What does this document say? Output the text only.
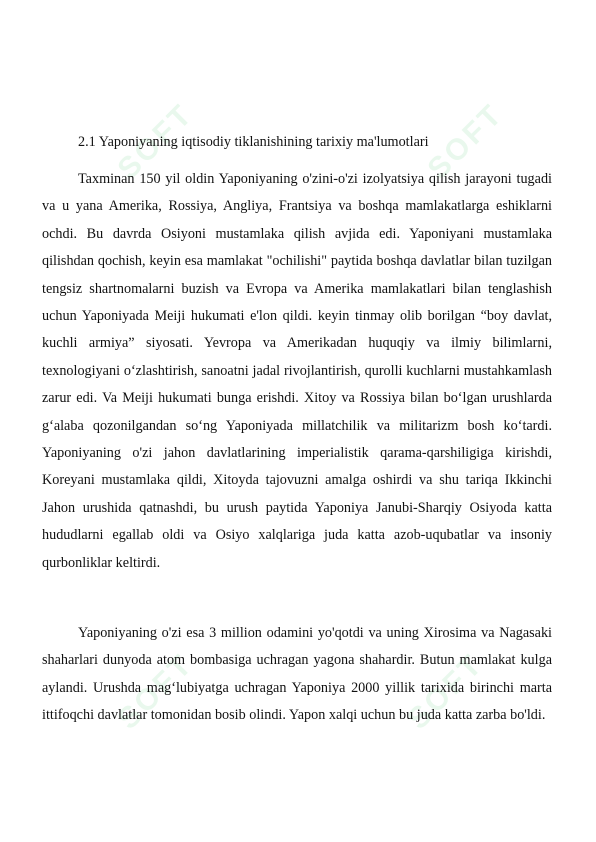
SOFT	SOFT
SOFT	SOFT
2.1 Yaponiyaning iqtisodiy tiklanishining tarixiy ma'lumotlari

Taxminan 150 yil oldin Yaponiyaning o'zini-o'zi izolyatsiya qilish jarayoni tugadi va u yana Amerika, Rossiya, Angliya, Frantsiya va boshqa mamlakatlarga eshiklarni ochdi. Bu davrda Osiyoni mustamlaka qilish avjida edi. Yaponiyani mustamlaka qilishdan qochish, keyin esa mamlakat "ochilishi" paytida boshqa davlatlar bilan tuzilgan tengsiz shartnomalarni buzish va Evropa va Amerika mamlakatlari bilan tenglashish uchun Yaponiyada Meiji hukumati e'lon qildi. keyin tinmay olib borilgan “boy davlat, kuchli armiya” siyosati. Yevropa va Amerikadan huquqiy va ilmiy bilimlarni, texnologiyani o‘zlashtirish, sanoatni jadal rivojlantirish, qurolli kuchlarni mustahkamlash zarur edi. Va Meiji hukumati bunga erishdi. Xitoy va Rossiya bilan bo‘lgan urushlarda g‘alaba qozonilgandan so‘ng Yaponiyada millatchilik va militarizm bosh ko‘tardi. Yaponiyaning o'zi jahon davlatlarining imperialistik qarama-qarshiligiga kirishdi, Koreyani mustamlaka qildi, Xitoyda tajovuzni amalga oshirdi va shu tariqa Ikkinchi Jahon urushida qatnashdi, bu urush paytida Yaponiya Janubi-Sharqiy Osiyoda katta hududlarni egallab oldi va Osiyo xalqlariga juda katta azob-uqubatlar va insoniy qurbonliklar keltirdi.

Yaponiyaning o'zi esa 3 million odamini yo'qotdi va uning Xirosima va Nagasaki shaharlari dunyoda atom bombasiga uchragan yagona shahardir. Butun mamlakat kulga aylandi. Urushda mag‘lubiyatga uchragan Yaponiya 2000 yillik tarixida birinchi marta ittifoqchi davlatlar tomonidan bosib olindi. Yapon xalqi uchun bu juda katta zarba bo'ldi.
